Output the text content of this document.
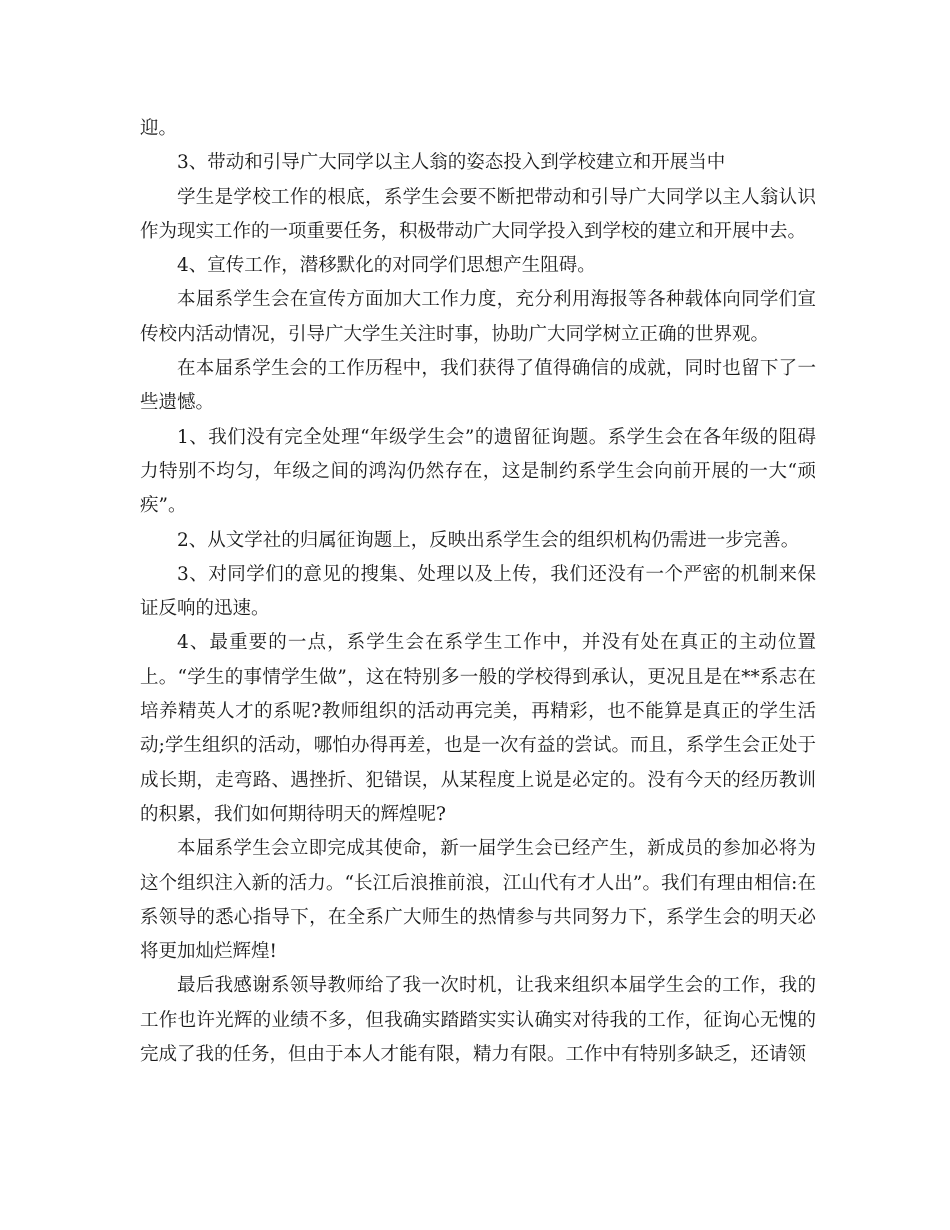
迎。

3、带动和引导广大同学以主人翁的姿态投入到学校建立和开展当中

学生是学校工作的根底，系学生会要不断把带动和引导广大同学以主人翁认识作为现实工作的一项重要任务，积极带动广大同学投入到学校的建立和开展中去。

4、宣传工作，潜移默化的对同学们思想产生阻碍。

本届系学生会在宣传方面加大工作力度，充分利用海报等各种载体向同学们宣传校内活动情况，引导广大学生关注时事，协助广大同学树立正确的世界观。

在本届系学生会的工作历程中，我们获得了值得确信的成就，同时也留下了一些遗憾。

1、我们没有完全处理“年级学生会”的遗留征询题。系学生会在各年级的阻碍力特别不均匀，年级之间的鸿沟仍然存在，这是制约系学生会向前开展的一大“顽疾”。

2、从文学社的归属征询题上，反映出系学生会的组织机构仍需进一步完善。

3、对同学们的意见的搜集、处理以及上传，我们还没有一个严密的机制来保证反响的迅速。

4、最重要的一点，系学生会在系学生工作中，并没有处在真正的主动位置上。“学生的事情学生做”，这在特别多一般的学校得到承认，更况且是在**系志在培养精英人才的系呢?教师组织的活动再完美，再精彩，也不能算是真正的学生活动;学生组织的活动，哪怕办得再差，也是一次有益的尝试。而且，系学生会正处于成长期，走弯路、遇挫折、犯错误，从某程度上说是必定的。没有今天的经历教训的积累，我们如何期待明天的辉煌呢?

本届系学生会立即完成其使命，新一届学生会已经产生，新成员的参加必将为这个组织注入新的活力。“长江后浪推前浪，江山代有才人出”。我们有理由相信:在系领导的悉心指导下，在全系广大师生的热情参与共同努力下，系学生会的明天必将更加灿烂辉煌!

最后我感谢系领导教师给了我一次时机，让我来组织本届学生会的工作，我的工作也许光辉的业绩不多，但我确实踏踏实实认确实对待我的工作，征询心无愧的完成了我的任务，但由于本人才能有限，精力有限。工作中有特别多缺乏，还请领
